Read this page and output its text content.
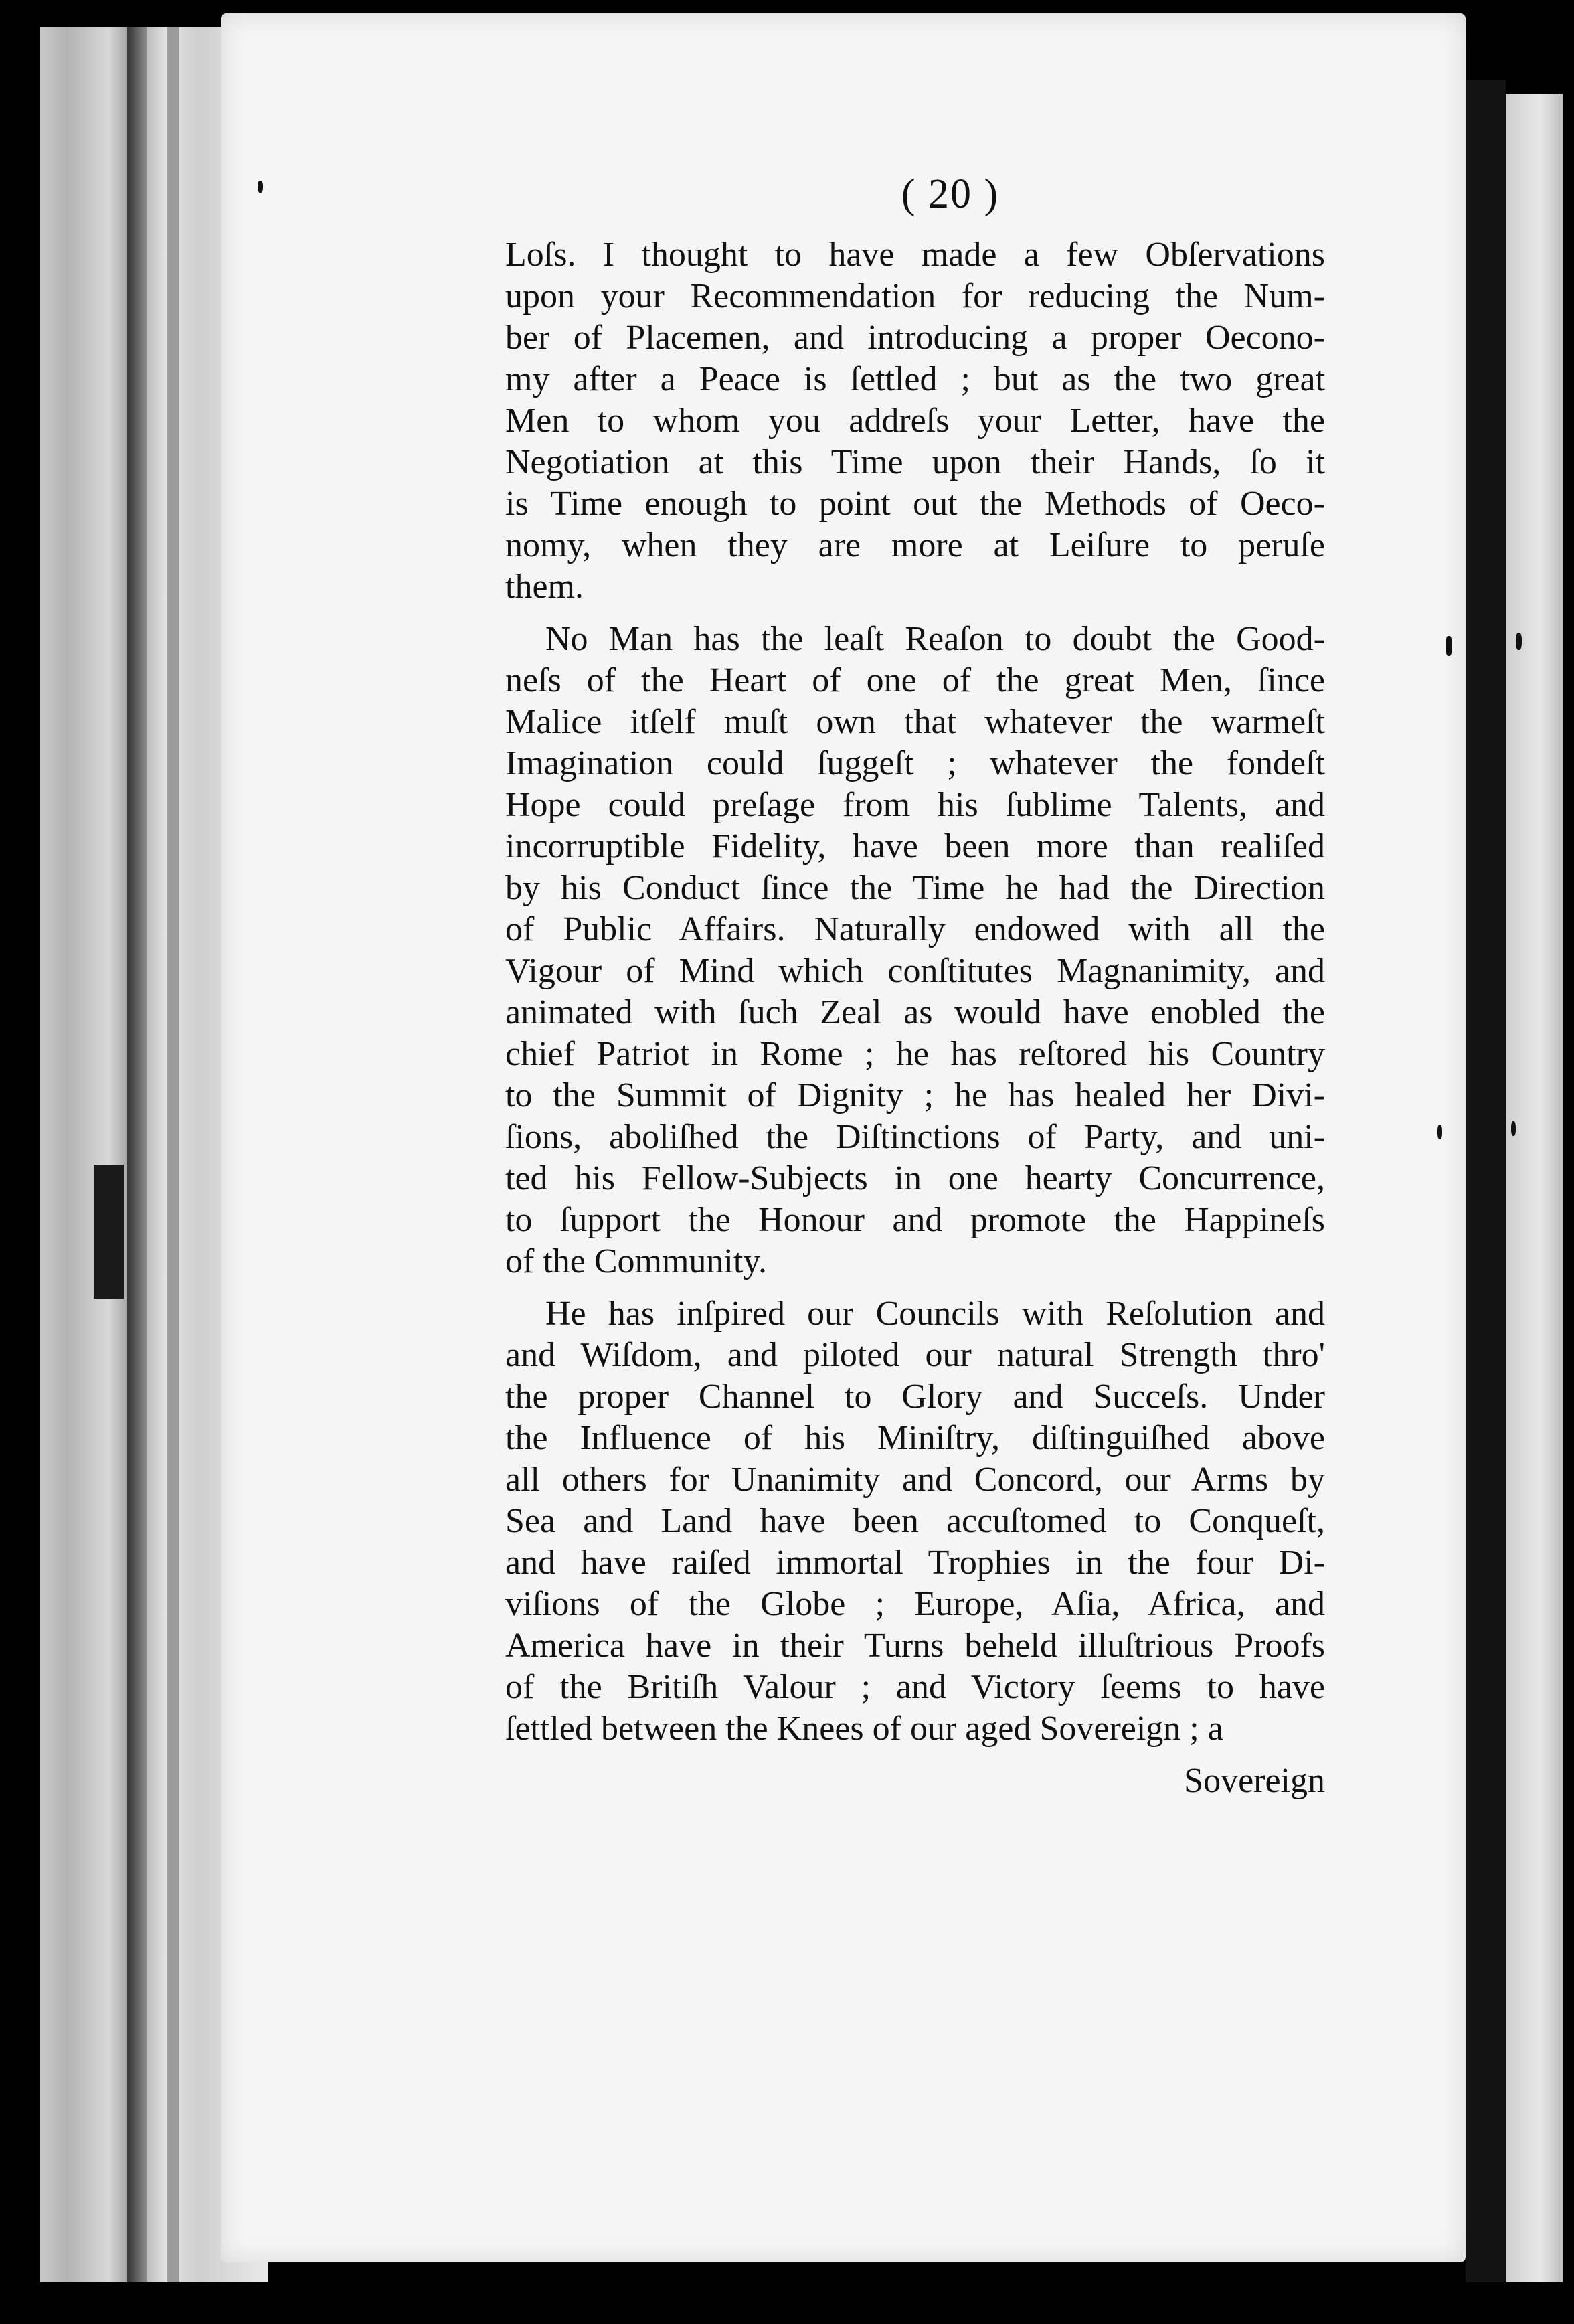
( 20 )
Loſs. I thought to have made a few Obſervations
upon your Recommendation for reducing the Num-
ber of Placemen, and introducing a proper Oecono-
my after a Peace is ſettled ; but as the two great
Men to whom you addreſs your Letter, have the
Negotiation at this Time upon their Hands, ſo it
is Time enough to point out the Methods of Oeco-
nomy, when they are more at Leiſure to peruſe
them.
No Man has the leaſt Reaſon to doubt the Good-
neſs of the Heart of one of the great Men, ſince
Malice itſelf muſt own that whatever the warmeſt
Imagination could ſuggeſt ; whatever the fondeſt
Hope could preſage from his ſublime Talents, and
incorruptible Fidelity, have been more than realiſed
by his Conduct ſince the Time he had the Direction
of Public Affairs. Naturally endowed with all the
Vigour of Mind which conſtitutes Magnanimity, and
animated with ſuch Zeal as would have enobled the
chief Patriot in Rome ; he has reſtored his Country
to the Summit of Dignity ; he has healed her Divi-
ſions, aboliſhed the Diſtinctions of Party, and uni-
ted his Fellow-Subjects in one hearty Concurrence,
to ſupport the Honour and promote the Happineſs
of the Community.
He has inſpired our Councils with Reſolution and
and Wiſdom, and piloted our natural Strength thro'
the proper Channel to Glory and Succeſs. Under
the Influence of his Miniſtry, diſtinguiſhed above
all others for Unanimity and Concord, our Arms by
Sea and Land have been accuſtomed to Conqueſt,
and have raiſed immortal Trophies in the four Di-
viſions of the Globe ; Europe, Aſia, Africa, and
America have in their Turns beheld illuſtrious Proofs
of the Britiſh Valour ; and Victory ſeems to have
ſettled between the Knees of our aged Sovereign ; a
Sovereign
